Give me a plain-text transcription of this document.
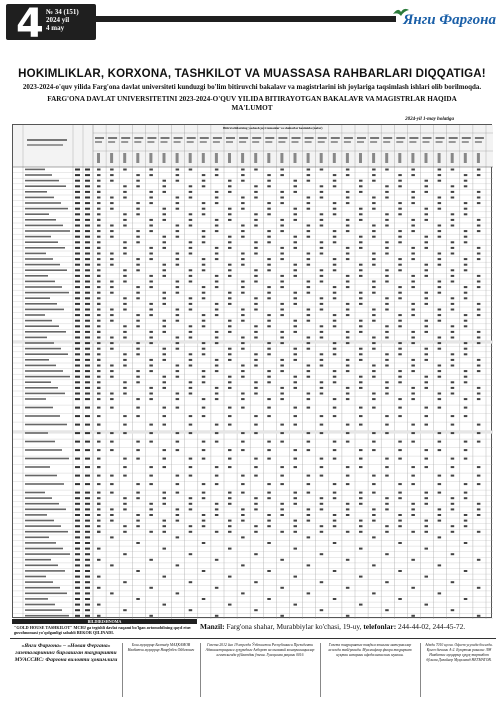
4 № 34 (151)
2024 yil
4 may	Янги Фарғона
HOKIMLIKLAR, KORXONA, TASHKILOT VA MUASSASA RAHBARLARI DIQQATIGA!
2023-2024-o'quv yilida Farg'ona davlat universiteti kunduzgi bo'lim bitiruvchi bakalavr va magistrlarini ish joylariga taqsimlash ishlari olib borilmoqda.
FARG'ONA DAVLAT UNIVERSITETINI 2023-2024-O'QUV YILIDA BITIRAYOTGAN BAKALAVR VA MAGISTRLAR HAQIDA MA'LUMOT
2024-yil 1-may holatiga
Bitiruvchilarning yashash joyi tumanlar va shaharlar kesimida (nafar)
BILDIRISHNOMA
"GOLD HOUSE TASHKILOT" MCHJ ga tegishli davlat raqami bo'lgan avtomobilning qayd etuv guvohnomasi yo'qolganligi sababli BEKOR QILINADI.
Manzil: Farg'ona shahar, Murabbiylar ko'chasi, 19-uy, telefonlar: 244-44-02, 244-45-72.
«Янги Фарғона» – «Новая Фергана» газеталарининг бирлашган таҳририяти МУАССИС: Фарғона вилояти ҳокимлиги
Бош муҳаррир Бахтиёр МАҲКАМОВ Навбатчи муҳаррир Наврўзбек Ойбекович
Газета 2012 йил 19 апрелда Ўзбекистон Республикаси Президенти Администрацияси ҳузуридаги Ахборот ва оммавий коммуникациялар агентлигида рўйхатдан ўтган. Гувоҳнома рақами 0016
Газета таҳририятга тақдим этилган материаллар асосида тайёрланди. Муаллифлар фикри таҳририят нуқтаи назарини ифодаламаслиги мумкин.
Адади 7010 нусха. Офсет усулида босилди. Қоғоз бичими А-2. Буюртма раками: 398 Навбатчи муҳаррир ҳуқуқ-тартибот бўлими Дизайнер Муҳаммад НЕГМАТОВ.
